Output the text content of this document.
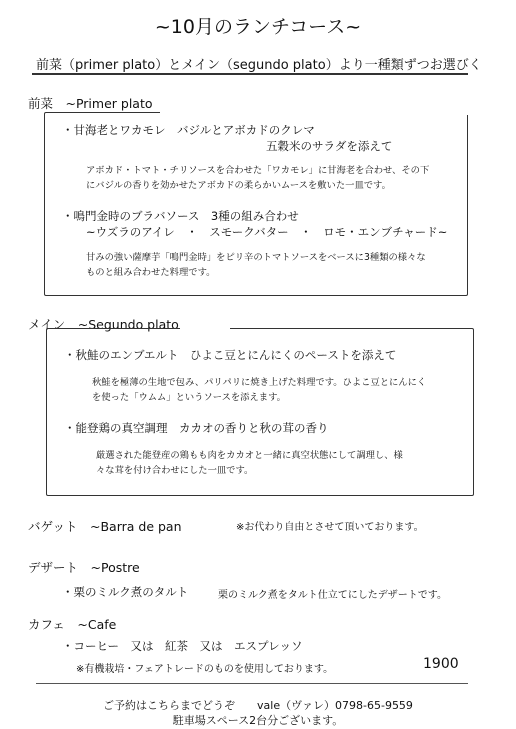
~10月のランチコース~
前菜（primer plato）とメイン（segundo plato）より一種類ずつお選びく
前菜　~Primer plato
・甘海老とワカモレ　バジルとアボカドのクレマ
五穀米のサラダを添えて
アボカド・トマト・チリソースを合わせた「ワカモレ」に甘海老を合わせ、その下
にバジルの香りを効かせたアボカドの柔らかいムースを敷いた一皿です。
・鳴門金時のブラバソース　3種の組み合わせ
~ウズラのアイレ　・　スモークバター　・　ロモ・エンブチャード~
甘みの強い薩摩芋「鳴門金時」をピリ辛のトマトソースをベースに3種類の様々な
ものと組み合わせた料理です。
メイン　~Segundo plato
・秋鮭のエンブエルト　ひよこ豆とにんにくのペーストを添えて
秋鮭を極薄の生地で包み、パリパリに焼き上げた料理です。ひよこ豆とにんにく
を使った「ウムム」というソースを添えます。
・能登鶏の真空調理　カカオの香りと秋の茸の香り
厳選された能登産の鶏もも肉をカカオと一緒に真空状態にして調理し、様
々な茸を付け合わせにした一皿です。
バゲット　~Barra de pan	※お代わり自由とさせて頂いております。
デザート　~Postre
・栗のミルク煮のタルト	栗のミルク煮をタルト仕立てにしたデザートです。
カフェ　~Cafe
・コーヒー　又は　紅茶　又は　エスプレッソ
※有機栽培・フェアトレードのものを使用しております。	1900
ご予約はこちらまでどうぞ　　vale（ヴァレ）0798-65-9559
駐車場スペース2台分ございます。
